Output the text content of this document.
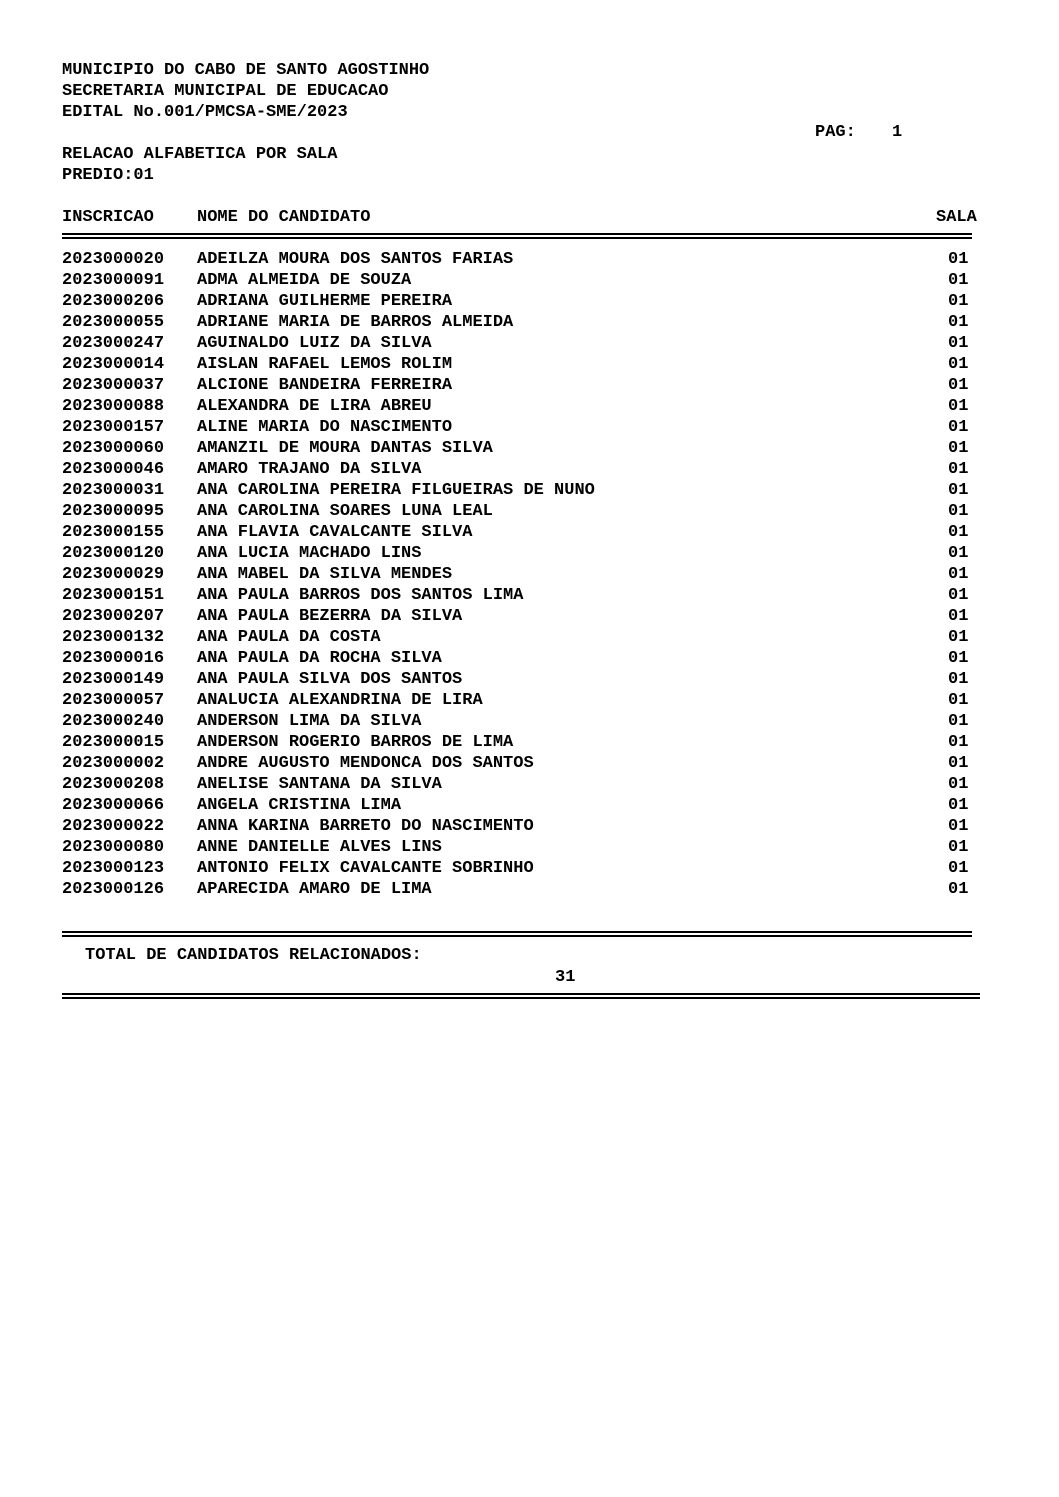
MUNICIPIO DO CABO DE SANTO AGOSTINHO
SECRETARIA MUNICIPAL DE EDUCACAO
EDITAL No.001/PMCSA-SME/2023
PAG: 1
RELACAO ALFABETICA POR SALA
PREDIO:01
INSCRICAO	NOME DO CANDIDATO	SALA
2023000020 ADEILZA MOURA DOS SANTOS FARIAS	01
2023000091 ADMA ALMEIDA DE SOUZA	01
2023000206 ADRIANA GUILHERME PEREIRA	01
2023000055 ADRIANE MARIA DE BARROS ALMEIDA	01
2023000247 AGUINALDO LUIZ DA SILVA	01
2023000014 AISLAN RAFAEL LEMOS ROLIM	01
2023000037 ALCIONE BANDEIRA FERREIRA	01
2023000088 ALEXANDRA DE LIRA ABREU	01
2023000157 ALINE MARIA DO NASCIMENTO	01
2023000060 AMANZIL DE MOURA DANTAS SILVA	01
2023000046 AMARO TRAJANO DA SILVA	01
2023000031 ANA CAROLINA PEREIRA FILGUEIRAS DE NUNO	01
2023000095 ANA CAROLINA SOARES LUNA LEAL	01
2023000155 ANA FLAVIA CAVALCANTE SILVA	01
2023000120 ANA LUCIA MACHADO LINS	01
2023000029 ANA MABEL DA SILVA MENDES	01
2023000151 ANA PAULA BARROS DOS SANTOS LIMA	01
2023000207 ANA PAULA BEZERRA DA SILVA	01
2023000132 ANA PAULA DA COSTA	01
2023000016 ANA PAULA DA ROCHA SILVA	01
2023000149 ANA PAULA SILVA DOS SANTOS	01
2023000057 ANALUCIA ALEXANDRINA DE LIRA	01
2023000240 ANDERSON LIMA DA SILVA	01
2023000015 ANDERSON ROGERIO BARROS DE LIMA	01
2023000002 ANDRE AUGUSTO MENDONCA DOS SANTOS	01
2023000208 ANELISE SANTANA DA SILVA	01
2023000066 ANGELA CRISTINA LIMA	01
2023000022 ANNA KARINA BARRETO DO NASCIMENTO	01
2023000080 ANNE DANIELLE ALVES LINS	01
2023000123 ANTONIO FELIX CAVALCANTE SOBRINHO	01
2023000126 APARECIDA AMARO DE LIMA	01
TOTAL DE CANDIDATOS RELACIONADOS:
31
